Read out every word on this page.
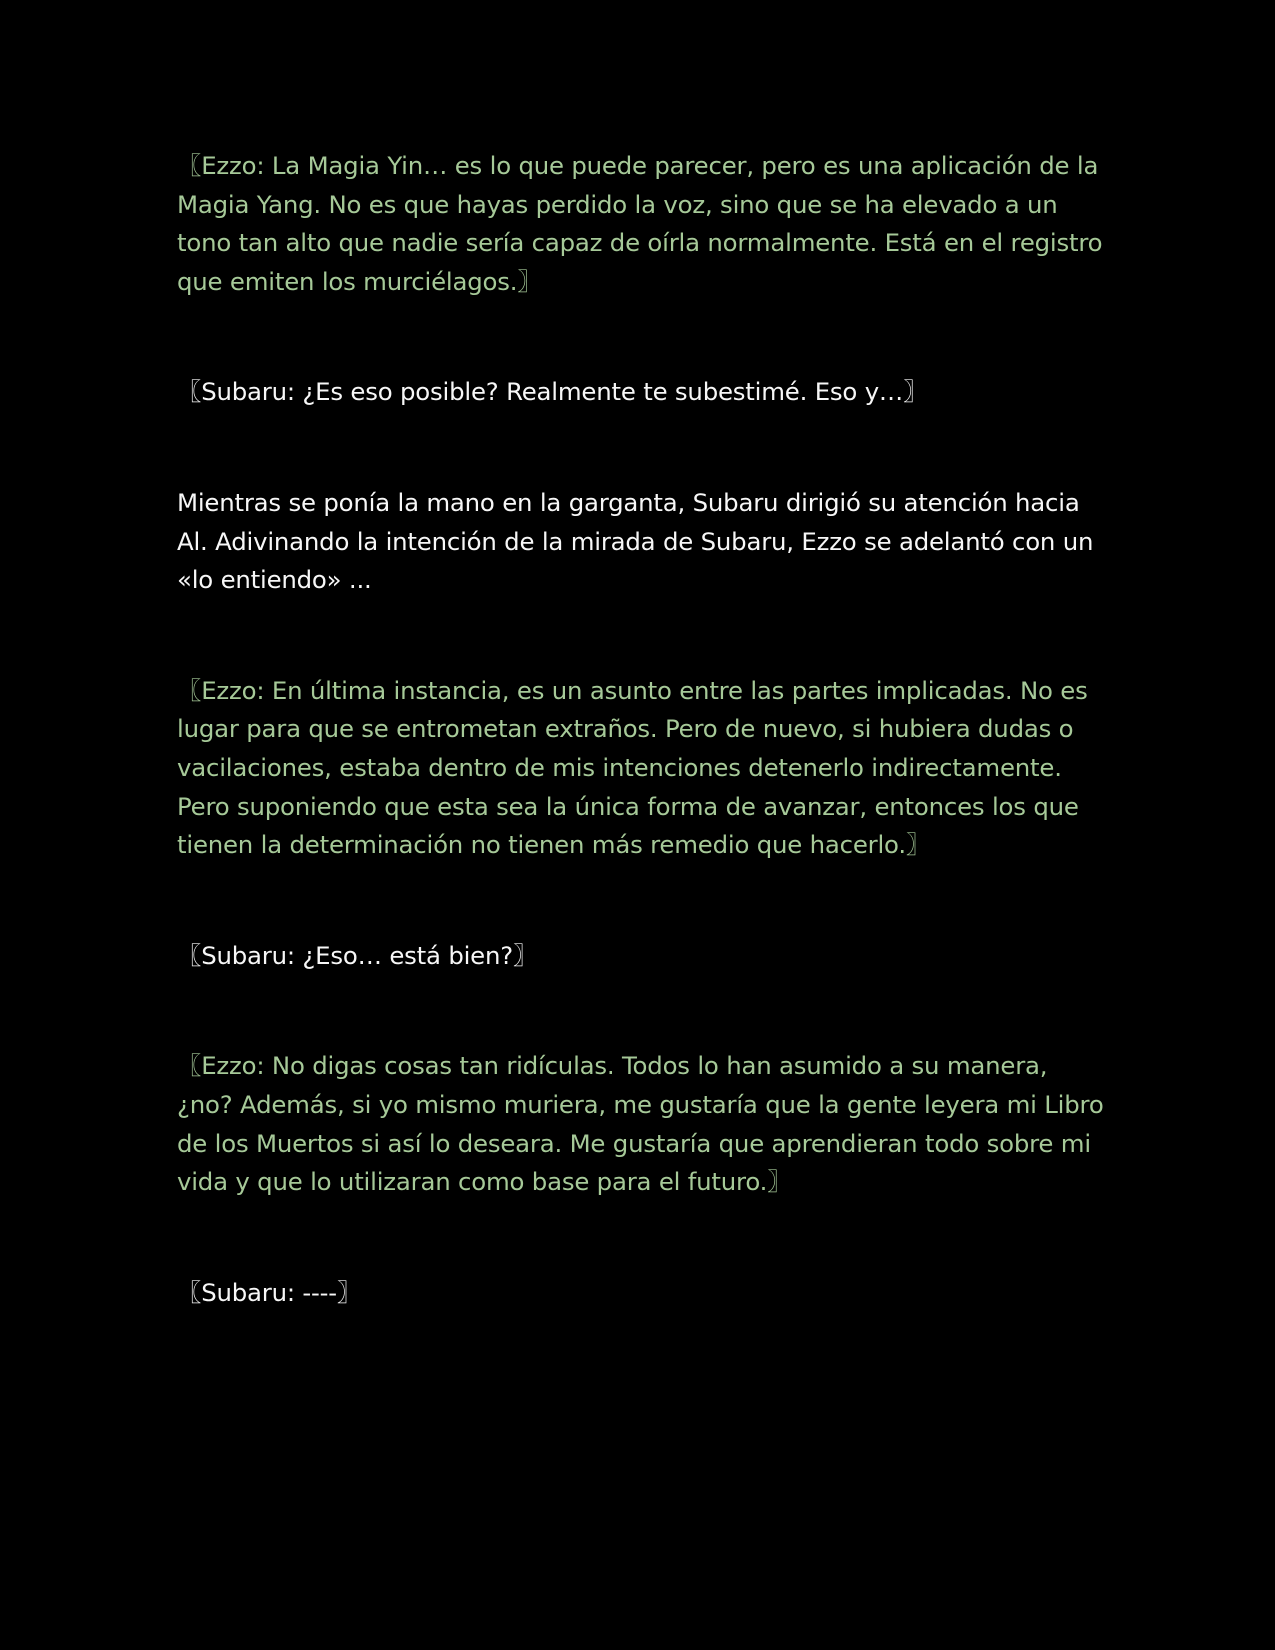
〖Ezzo: La Magia Yin… es lo que puede parecer, pero es una aplicación de la Magia Yang. No es que hayas perdido la voz, sino que se ha elevado a un tono tan alto que nadie sería capaz de oírla normalmente. Está en el registro que emiten los murciélagos.〗

〖Subaru: ¿Es eso posible? Realmente te subestimé. Eso y…〗

Mientras se ponía la mano en la garganta, Subaru dirigió su atención hacia Al. Adivinando la intención de la mirada de Subaru, Ezzo se adelantó con un «lo entiendo» ...

〖Ezzo: En última instancia, es un asunto entre las partes implicadas. No es lugar para que se entrometan extraños. Pero de nuevo, si hubiera dudas o vacilaciones, estaba dentro de mis intenciones detenerlo indirectamente. Pero suponiendo que esta sea la única forma de avanzar, entonces los que tienen la determinación no tienen más remedio que hacerlo.〗

〖Subaru: ¿Eso… está bien?〗

〖Ezzo: No digas cosas tan ridículas. Todos lo han asumido a su manera, ¿no? Además, si yo mismo muriera, me gustaría que la gente leyera mi Libro de los Muertos si así lo deseara. Me gustaría que aprendieran todo sobre mi vida y que lo utilizaran como base para el futuro.〗

〖Subaru: ----〗
